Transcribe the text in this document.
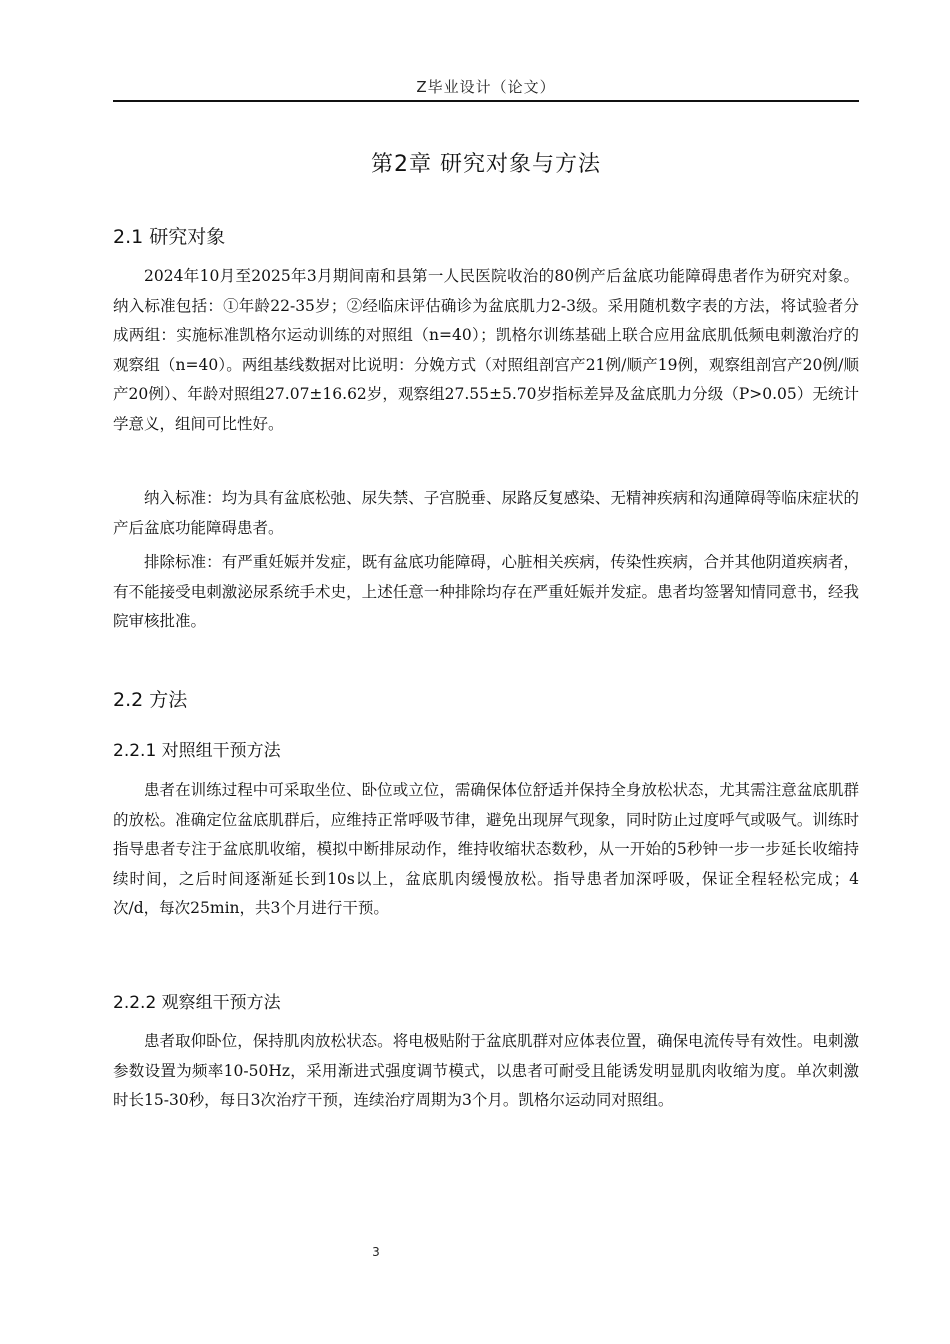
Z毕业设计（论文）
第2章 研究对象与方法
2.1 研究对象

2024年10月至2025年3月期间南和县第一人民医院收治的80例产后盆底功能障碍患者作为研究对象。纳入标准包括：①年龄22-35岁；②经临床评估确诊为盆底肌力2-3级。采用随机数字表的方法，将试验者分成两组：实施标准凯格尔运动训练的对照组（n=40）；凯格尔训练基础上联合应用盆底肌低频电刺激治疗的观察组（n=40）。两组基线数据对比说明：分娩方式（对照组剖宫产21例/顺产19例，观察组剖宫产20例/顺产20例）、年龄对照组27.07±16.62岁，观察组27.55±5.70岁指标差异及盆底肌力分级（P>0.05）无统计学意义，组间可比性好。

纳入标准：均为具有盆底松弛、尿失禁、子宫脱垂、尿路反复感染、无精神疾病和沟通障碍等临床症状的产后盆底功能障碍患者。

排除标准：有严重妊娠并发症，既有盆底功能障碍，心脏相关疾病，传染性疾病，合并其他阴道疾病者，有不能接受电刺激泌尿系统手术史，上述任意一种排除均存在严重妊娠并发症。患者均签署知情同意书，经我院审核批准。

2.2 方法
2.2.1 对照组干预方法

患者在训练过程中可采取坐位、卧位或立位，需确保体位舒适并保持全身放松状态，尤其需注意盆底肌群的放松。准确定位盆底肌群后，应维持正常呼吸节律，避免出现屏气现象，同时防止过度呼气或吸气。训练时指导患者专注于盆底肌收缩，模拟中断排尿动作，维持收缩状态数秒，从一开始的5秒钟一步一步延长收缩持续时间，之后时间逐渐延长到10s以上，盆底肌肉缓慢放松。指导患者加深呼吸，保证全程轻松完成；4次/d，每次25min，共3个月进行干预。

2.2.2 观察组干预方法

患者取仰卧位，保持肌肉放松状态。将电极贴附于盆底肌群对应体表位置，确保电流传导有效性。电刺激参数设置为频率10-50Hz，采用渐进式强度调节模式，以患者可耐受且能诱发明显肌肉收缩为度。单次刺激时长15-30秒，每日3次治疗干预，连续治疗周期为3个月。凯格尔运动同对照组。

3
